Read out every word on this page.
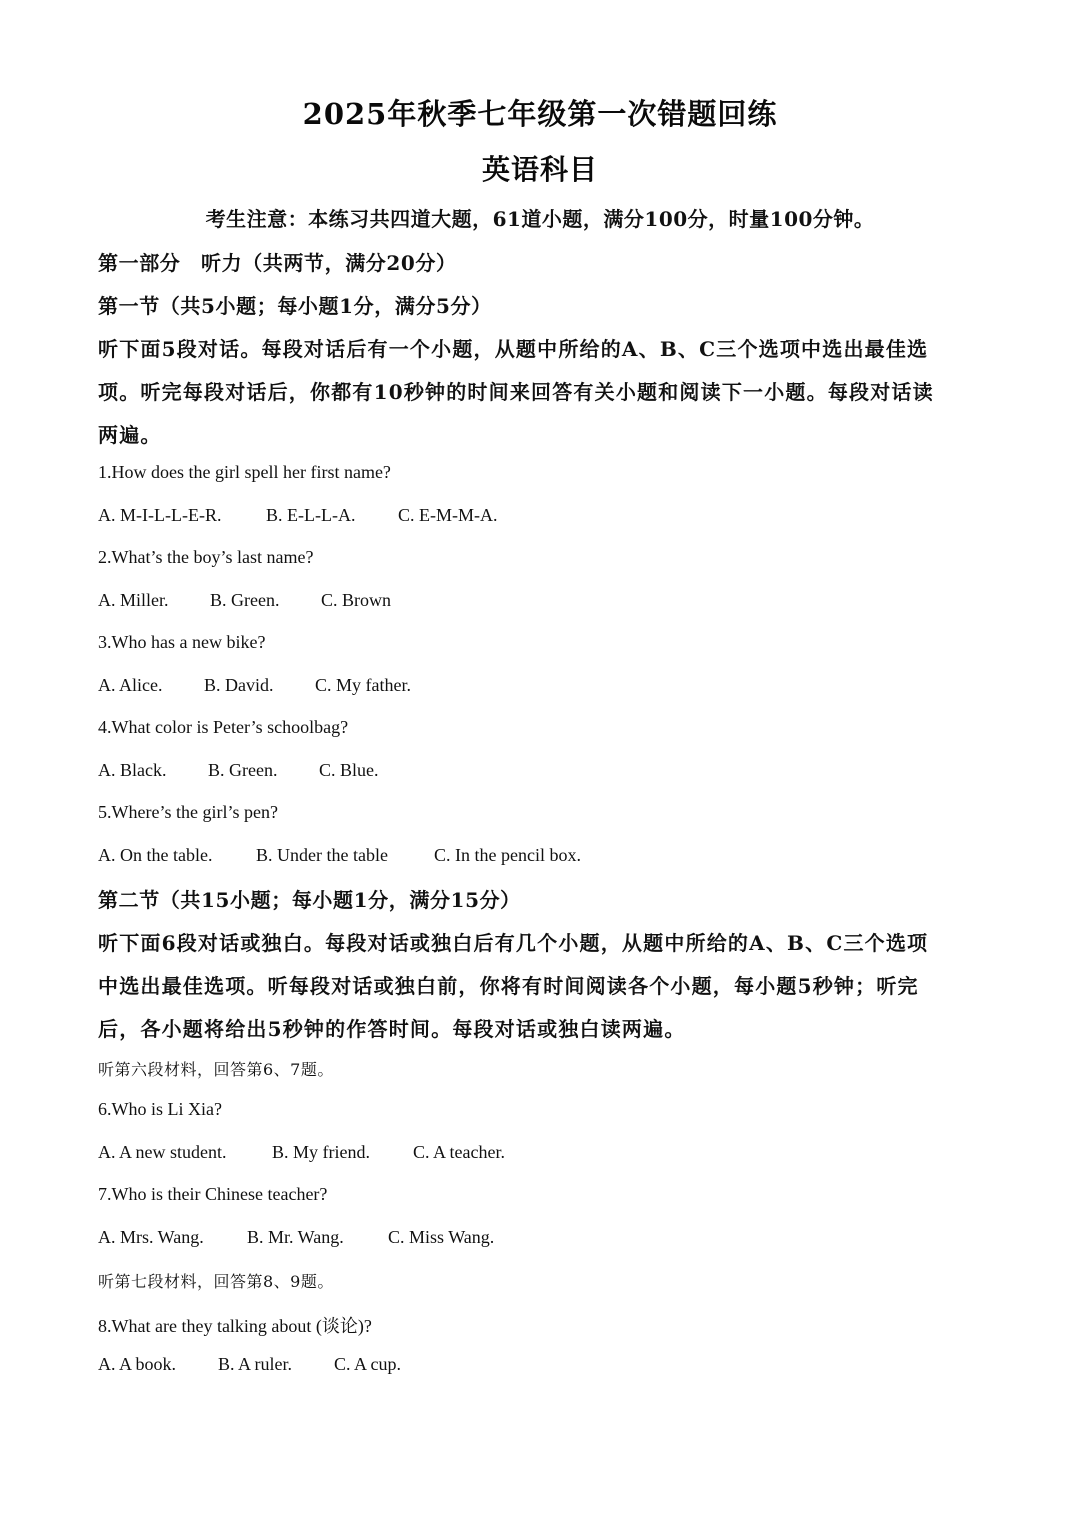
2025年秋季七年级第一次错题回练
英语科目
考生注意：本练习共四道大题，61道小题，满分100分，时量100分钟。
第一部分　听力（共两节，满分20分）
第一节（共5小题；每小题1分，满分5分）
听下面5段对话。每段对话后有一个小题，从题中所给的A、B、C三个选项中选出最佳选
项。听完每段对话后，你都有10秒钟的时间来回答有关小题和阅读下一小题。每段对话读
两遍。
1.How does the girl spell her first name?
A. M-I-L-L-E-R. B. E-L-L-A. C. E-M-M-A.
2.What’s the boy’s last name?
A. Miller. B. Green. C. Brown
3.Who has a new bike?
A. Alice. B. David. C. My father.
4.What color is Peter’s schoolbag?
A. Black. B. Green. C. Blue.
5.Where’s the girl’s pen?
A. On the table. B. Under the table	C. In the pencil box.
第二节（共15小题；每小题1分，满分15分）
听下面6段对话或独白。每段对话或独白后有几个小题，从题中所给的A、B、C三个选项
中选出最佳选项。听每段对话或独白前，你将有时间阅读各个小题，每小题5秒钟；听完
后，各小题将给出5秒钟的作答时间。每段对话或独白读两遍。
听第六段材料，回答第6、7题。
6.Who is Li Xia?
A. A new student.	B. My friend. C. A teacher.
7.Who is their Chinese teacher?
A. Mrs. Wang. B. Mr. Wang. C. Miss Wang.
听第七段材料，回答第8、9题。
8.What are they talking about (谈论)?
A. A book. B. A ruler. C. A cup.
